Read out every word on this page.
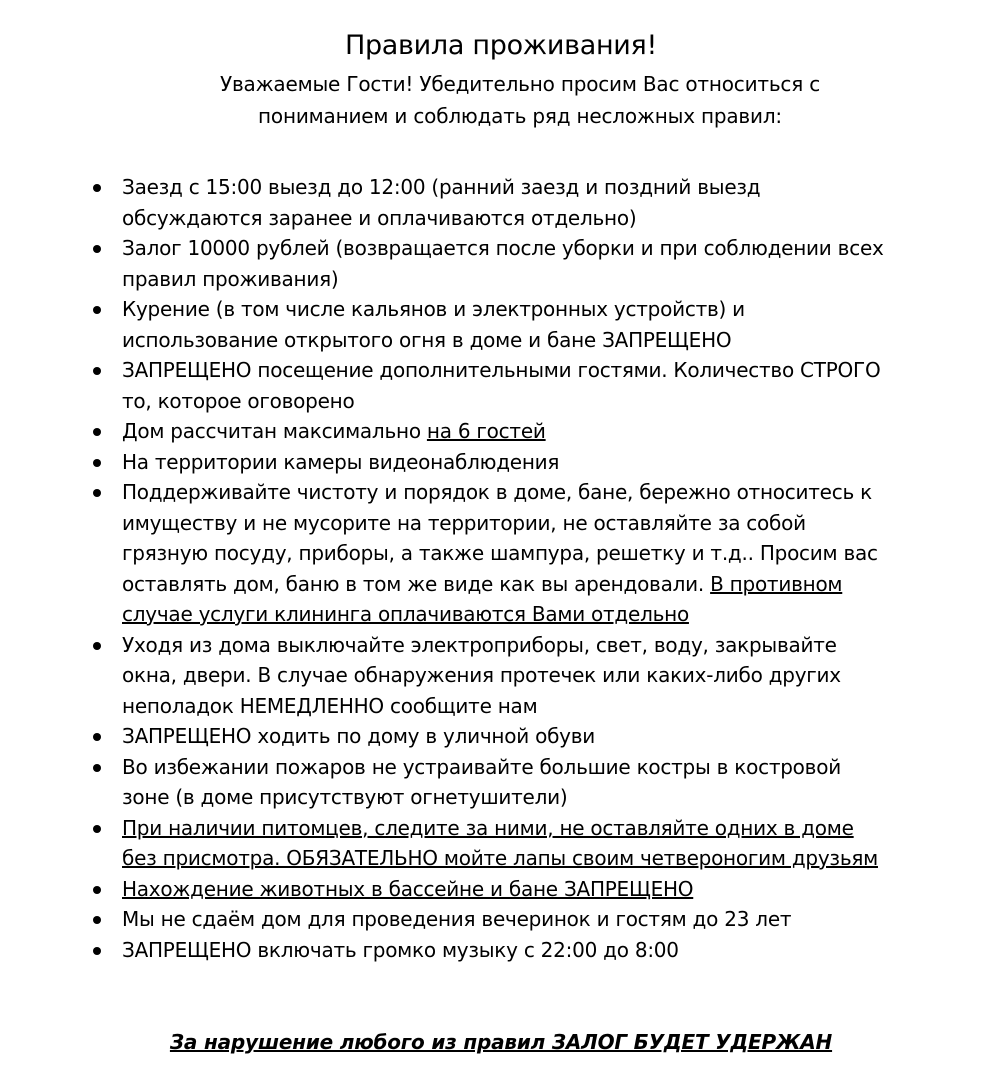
Правила проживания!
Уважаемые Гости! Убедительно просим Вас относиться с пониманием и соблюдать ряд несложных правил:
Заезд с 15:00 выезд до 12:00 (ранний заезд и поздний выезд обсуждаются заранее и оплачиваются отдельно)
Залог 10000 рублей (возвращается после уборки и при соблюдении всех правил проживания)
Курение (в том числе кальянов и электронных устройств) и использование открытого огня в доме и бане ЗАПРЕЩЕНО
ЗАПРЕЩЕНО посещение дополнительными гостями. Количество СТРОГО то, которое оговорено
Дом рассчитан максимально на 6 гостей
На территории камеры видеонаблюдения
Поддерживайте чистоту и порядок в доме, бане, бережно относитесь к имуществу и не мусорите на территории, не оставляйте за собой грязную посуду, приборы, а также шампура, решетку и т.д.. Просим вас оставлять дом, баню в том же виде как вы арендовали. В противном случае услуги клининга оплачиваются Вами отдельно
Уходя из дома выключайте электроприборы, свет, воду, закрывайте окна, двери. В случае обнаружения протечек или каких-либо других неполадок НЕМЕДЛЕННО сообщите нам
ЗАПРЕЩЕНО ходить по дому в уличной обуви
Во избежании пожаров не устраивайте большие костры в костровой зоне (в доме присутствуют огнетушители)
При наличии питомцев, следите за ними, не оставляйте одних в доме без присмотра. ОБЯЗАТЕЛЬНО мойте лапы своим четвероногим друзьям
Нахождение животных в бассейне и бане ЗАПРЕЩЕНО
Мы не сдаём дом для проведения вечеринок и гостям до 23 лет
ЗАПРЕЩЕНО включать громко музыку с 22:00 до 8:00
За нарушение любого из правил ЗАЛОГ БУДЕТ УДЕРЖАН
